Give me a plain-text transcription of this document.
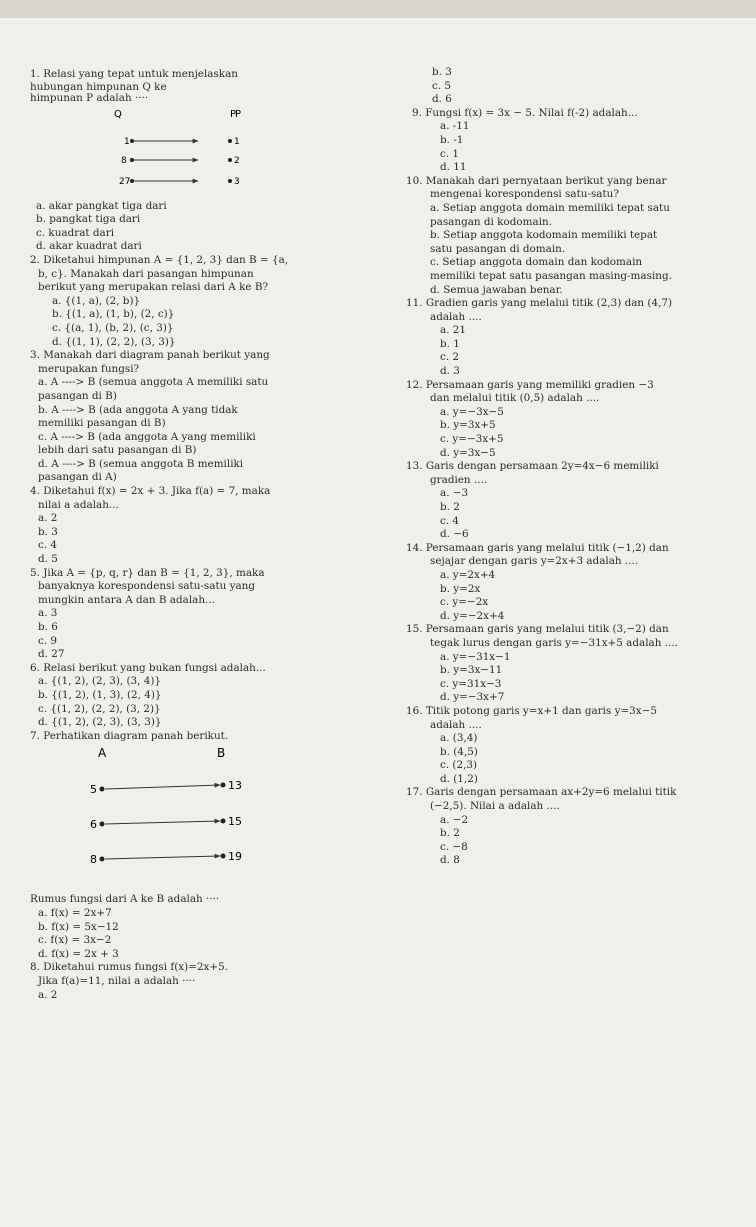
1. Relasi yang tepat untuk menjelaskan
hubungan himpunan Q ke
himpunan P adalah ····
Q	P
1
8
27
P
1
2
3
a. akar pangkat tiga dari
b. pangkat tiga dari
c. kuadrat dari
d. akar kuadrat dari
2. Diketahui himpunan A = {1, 2, 3} dan B = {a,
b, c}. Manakah dari pasangan himpunan
berikut yang merupakan relasi dari A ke B?
a. {(1, a), (2, b)}
b. {(1, a), (1, b), (2, c)}
c. {(a, 1), (b, 2), (c, 3)}
d. {(1, 1), (2, 2), (3, 3)}
3. Manakah dari diagram panah berikut yang
merupakan fungsi?
a. A ----> B (semua anggota A memiliki satu
pasangan di B)
b. A ----> B (ada anggota A yang tidak
memiliki pasangan di B)
c. A ----> B (ada anggota A yang memiliki
lebih dari satu pasangan di B)
d. A ----> B (semua anggota B memiliki
pasangan di A)
4. Diketahui f(x) = 2x + 3. Jika f(a) = 7, maka
nilai a adalah...
a. 2
b. 3
c. 4
d. 5
5. Jika A = {p, q, r} dan B = {1, 2, 3}, maka
banyaknya korespondensi satu-satu yang
mungkin antara A dan B adalah...
a. 3
b. 6
c. 9
d. 27
6. Relasi berikut yang bukan fungsi adalah...
a. {(1, 2), (2, 3), (3, 4)}
b. {(1, 2), (1, 3), (2, 4)}
c. {(1, 2), (2, 2), (3, 2)}
d. {(1, 2), (2, 3), (3, 3)}
7. Perhatikan diagram panah berikut.
A	B
5
6
8
13
15
19
Rumus fungsi dari A ke B adalah ····
a. f(x) = 2x+7
b. f(x) = 5x−12
c. f(x) = 3x−2
d. f(x) = 2x + 3
8. Diketahui rumus fungsi f(x)=2x+5.
Jika f(a)=11, nilai a adalah ····
a. 2
b. 3
c. 5
d. 6
9. Fungsi f(x) = 3x − 5. Nilai f(-2) adalah...
a. -11
b. -1
c. 1
d. 11
10. Manakah dari pernyataan berikut yang benar
mengenai korespondensi satu-satu?
a. Setiap anggota domain memiliki tepat satu
pasangan di kodomain.
b. Setiap anggota kodomain memiliki tepat
satu pasangan di domain.
c. Setiap anggota domain dan kodomain
memiliki tepat satu pasangan masing-masing.
d. Semua jawaban benar.
11. Gradien garis yang melalui titik (2,3) dan (4,7)
adalah ....
a. 21
b. 1
c. 2
d. 3
12. Persamaan garis yang memiliki gradien −3
dan melalui titik (0,5) adalah ....
a. y=−3x−5
b. y=3x+5
c. y=−3x+5
d. y=3x−5
13. Garis dengan persamaan 2y=4x−6 memiliki
gradien ....
a. −3
b. 2
c. 4
d. −6
14. Persamaan garis yang melalui titik (−1,2) dan
sejajar dengan garis y=2x+3 adalah ....
a. y=2x+4
b. y=2x
c. y=−2x
d. y=−2x+4
15. Persamaan garis yang melalui titik (3,−2) dan
tegak lurus dengan garis y=−31x+5 adalah ....
a. y=−31x−1
b. y=3x−11
c. y=31x−3
d. y=−3x+7
16. Titik potong garis y=x+1 dan garis y=3x−5
adalah ....
a. (3,4)
b. (4,5)
c. (2,3)
d. (1,2)
17. Garis dengan persamaan ax+2y=6 melalui titik
(−2,5). Nilai a adalah ....
a. −2
b. 2
c. −8
d. 8
